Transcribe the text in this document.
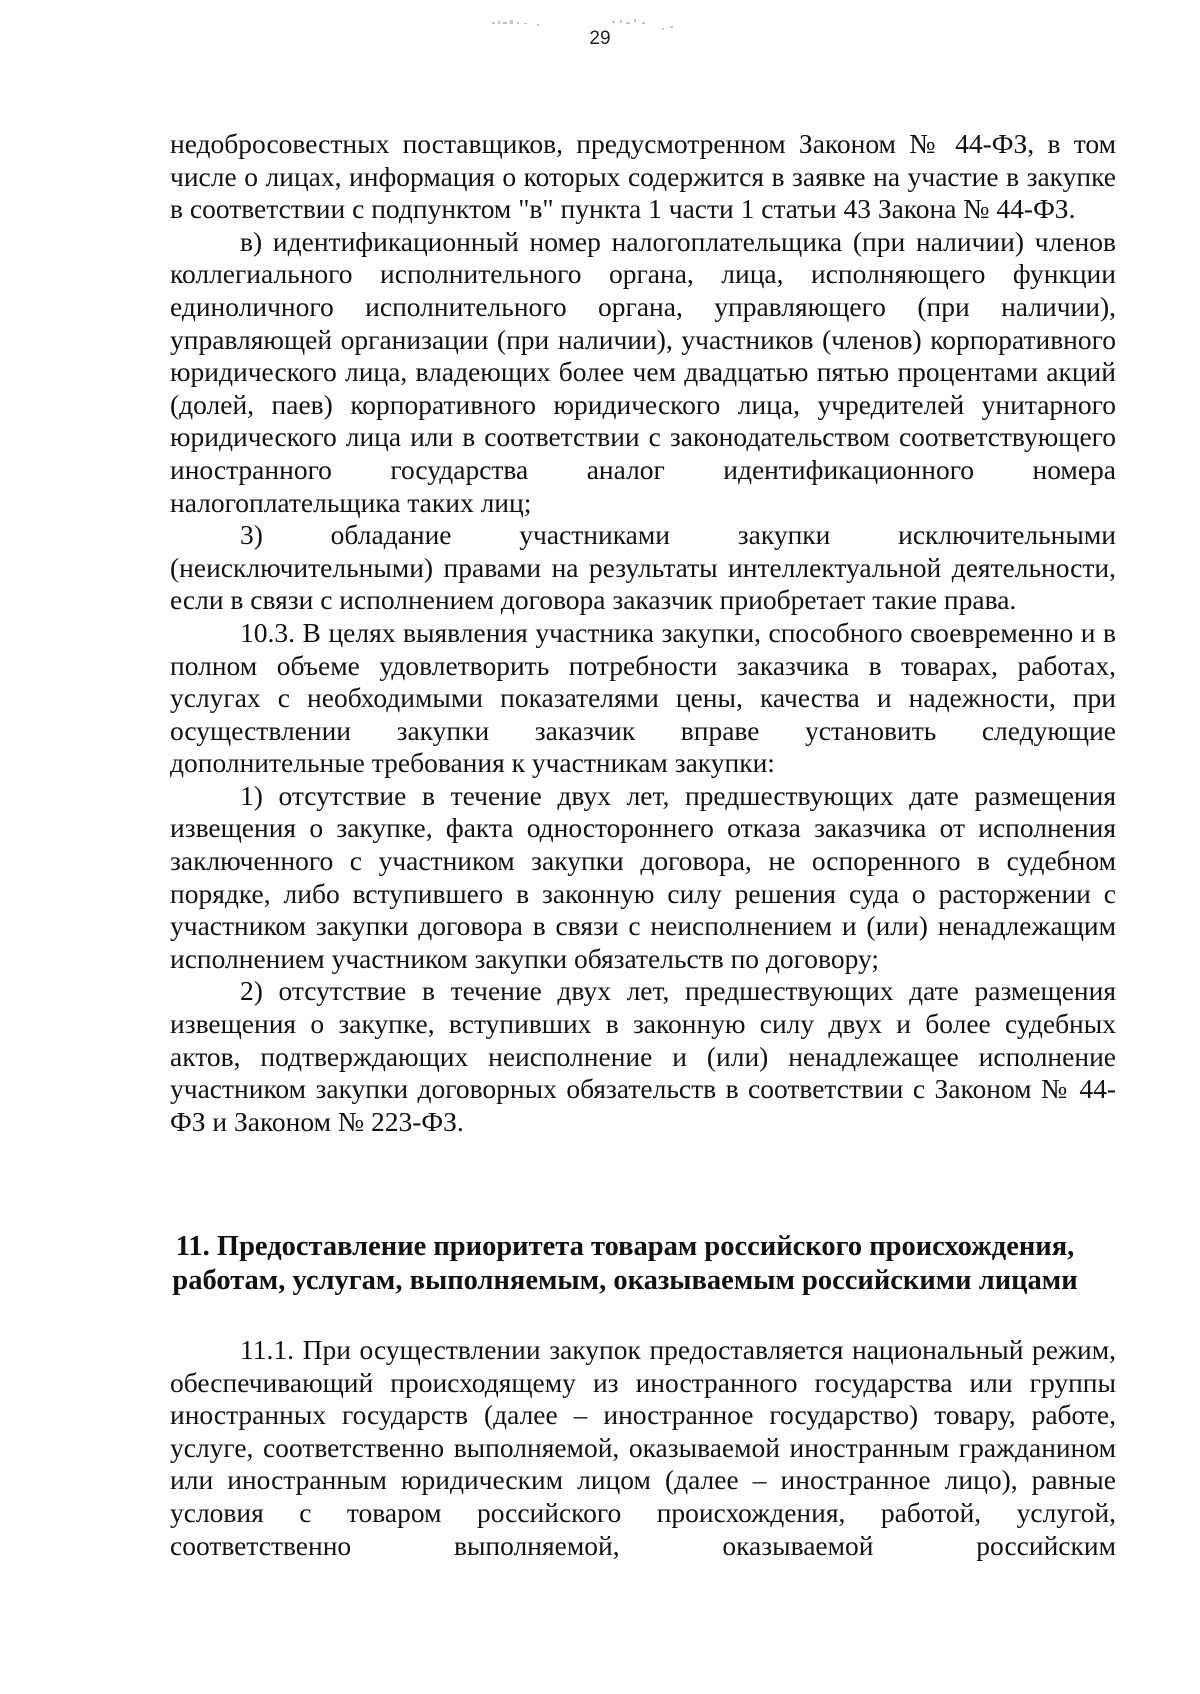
29

недобросовестных поставщиков, предусмотренном Законом № 44-ФЗ, в том числе о лицах, информация о которых содержится в заявке на участие в закупке в соответствии с подпунктом "в" пункта 1 части 1 статьи 43 Закона № 44-ФЗ.

в) идентификационный номер налогоплательщика (при наличии) членов коллегиального исполнительного органа, лица, исполняющего функции единоличного исполнительного органа, управляющего (при наличии), управляющей организации (при наличии), участников (членов) корпоративного юридического лица, владеющих более чем двадцатью пятью процентами акций (долей, паев) корпоративного юридического лица, учредителей унитарного юридического лица или в соответствии с законодательством соответствующего иностранного государства аналог идентификационного номера налогоплательщика таких лиц;

3) обладание участниками закупки исключительными (неисключительными) правами на результаты интеллектуальной деятельности, если в связи с исполнением договора заказчик приобретает такие права.

10.3. В целях выявления участника закупки, способного своевременно и в полном объеме удовлетворить потребности заказчика в товарах, работах, услугах с необходимыми показателями цены, качества и надежности, при осуществлении закупки заказчик вправе установить следующие дополнительные требования к участникам закупки:

1) отсутствие в течение двух лет, предшествующих дате размещения извещения о закупке, факта одностороннего отказа заказчика от исполнения заключенного с участником закупки договора, не оспоренного в судебном порядке, либо вступившего в законную силу решения суда о расторжении с участником закупки договора в связи с неисполнением и (или) ненадлежащим исполнением участником закупки обязательств по договору;

2) отсутствие в течение двух лет, предшествующих дате размещения извещения о закупке, вступивших в законную силу двух и более судебных актов, подтверждающих неисполнение и (или) ненадлежащее исполнение участником закупки договорных обязательств в соответствии с Законом № 44-ФЗ и Законом № 223-ФЗ.

11. Предоставление приоритета товарам российского происхождения,
работам, услугам, выполняемым, оказываемым российскими лицами

11.1. При осуществлении закупок предоставляется национальный режим, обеспечивающий происходящему из иностранного государства или группы иностранных государств (далее – иностранное государство) товару, работе, услуге, соответственно выполняемой, оказываемой иностранным гражданином или иностранным юридическим лицом (далее – иностранное лицо), равные условия с товаром российского происхождения, работой, услугой, соответственно выполняемой, оказываемой российским
